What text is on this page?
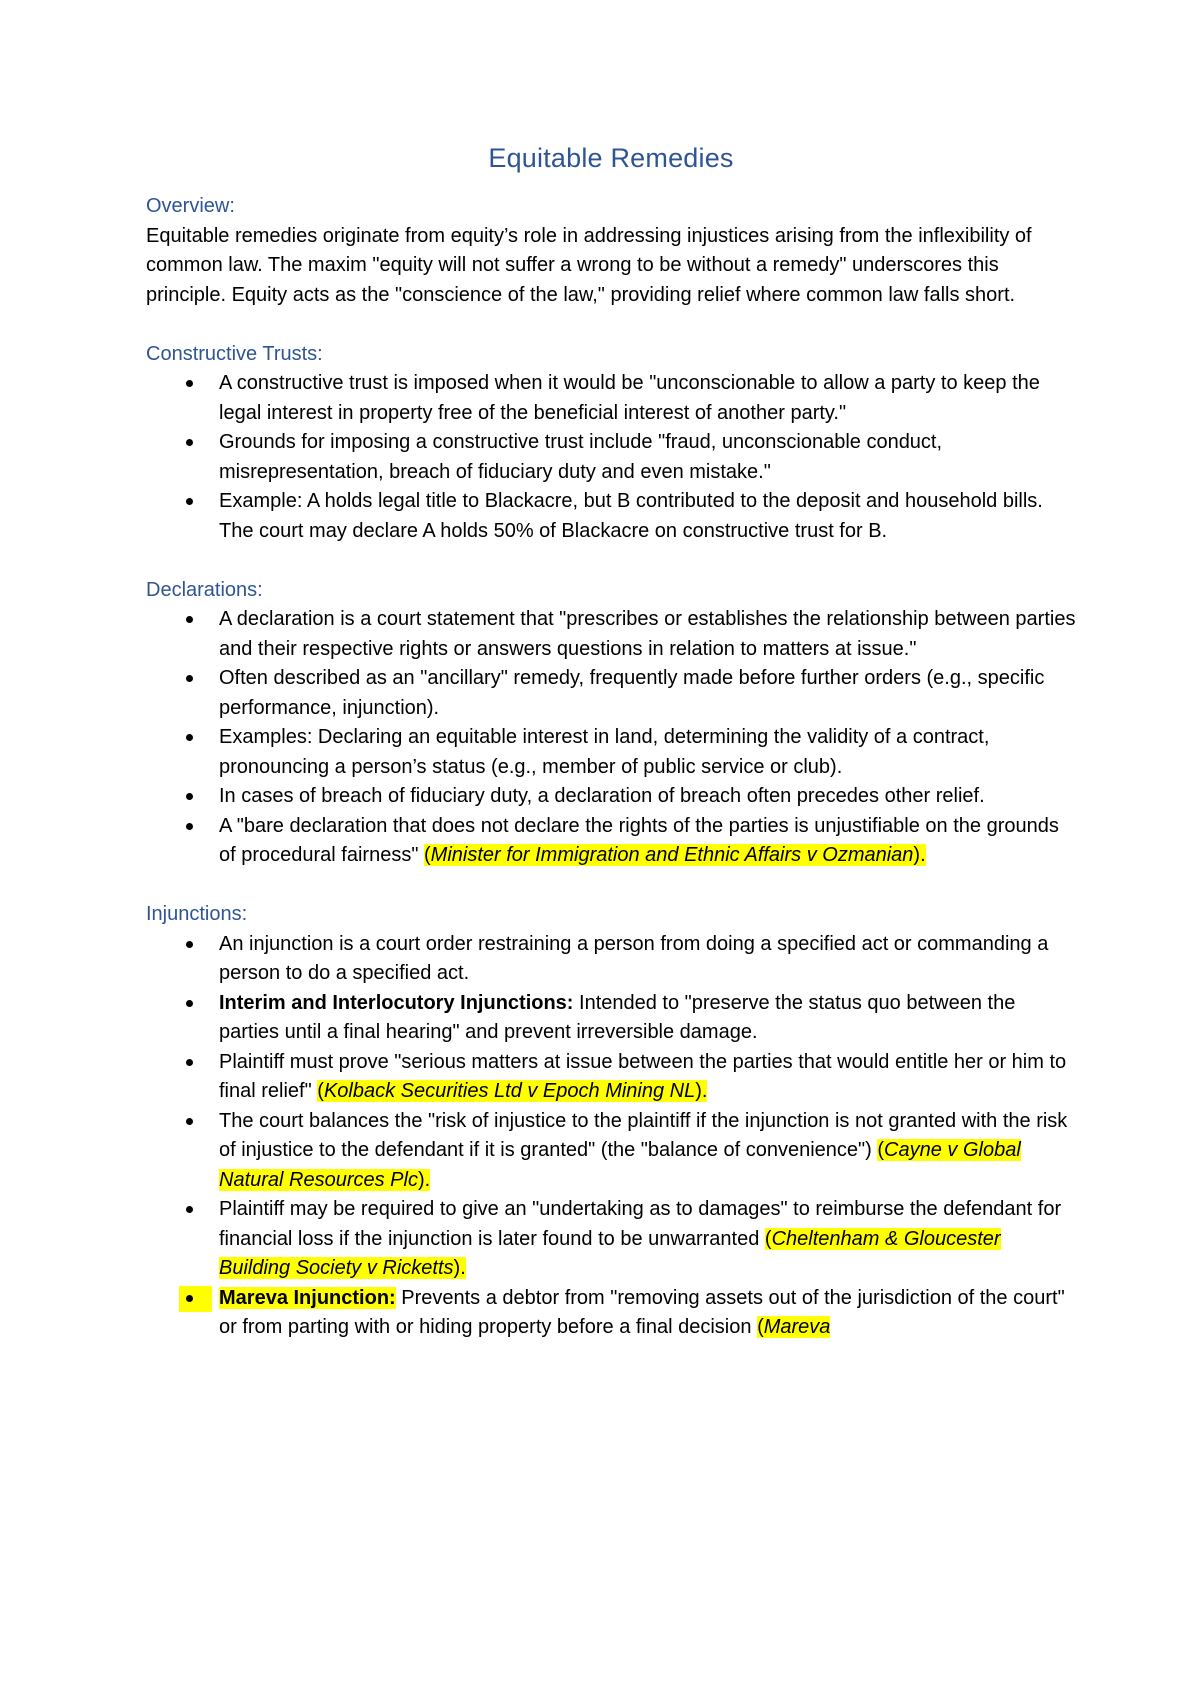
Equitable Remedies

Overview:

Equitable remedies originate from equity’s role in addressing injustices arising from the inflexibility of common law. The maxim "equity will not suffer a wrong to be without a remedy" underscores this principle. Equity acts as the "conscience of the law," providing relief where common law falls short.

Constructive Trusts:

A constructive trust is imposed when it would be "unconscionable to allow a party to keep the legal interest in property free of the beneficial interest of another party."
Grounds for imposing a constructive trust include "fraud, unconscionable conduct, misrepresentation, breach of fiduciary duty and even mistake."
Example: A holds legal title to Blackacre, but B contributed to the deposit and household bills. The court may declare A holds 50% of Blackacre on constructive trust for B.

Declarations:

A declaration is a court statement that "prescribes or establishes the relationship between parties and their respective rights or answers questions in relation to matters at issue."
Often described as an "ancillary" remedy, frequently made before further orders (e.g., specific performance, injunction).
Examples: Declaring an equitable interest in land, determining the validity of a contract, pronouncing a person’s status (e.g., member of public service or club).
In cases of breach of fiduciary duty, a declaration of breach often precedes other relief.
A "bare declaration that does not declare the rights of the parties is unjustifiable on the grounds of procedural fairness" (Minister for Immigration and Ethnic Affairs v Ozmanian).

Injunctions:

An injunction is a court order restraining a person from doing a specified act or commanding a person to do a specified act.
Interim and Interlocutory Injunctions: Intended to "preserve the status quo between the parties until a final hearing" and prevent irreversible damage.
Plaintiff must prove "serious matters at issue between the parties that would entitle her or him to final relief" (Kolback Securities Ltd v Epoch Mining NL).
The court balances the "risk of injustice to the plaintiff if the injunction is not granted with the risk of injustice to the defendant if it is granted" (the "balance of convenience") (Cayne v Global Natural Resources Plc).
Plaintiff may be required to give an "undertaking as to damages" to reimburse the defendant for financial loss if the injunction is later found to be unwarranted (Cheltenham & Gloucester Building Society v Ricketts).
Mareva Injunction: Prevents a debtor from "removing assets out of the jurisdiction of the court" or from parting with or hiding property before a final decision (Mareva
